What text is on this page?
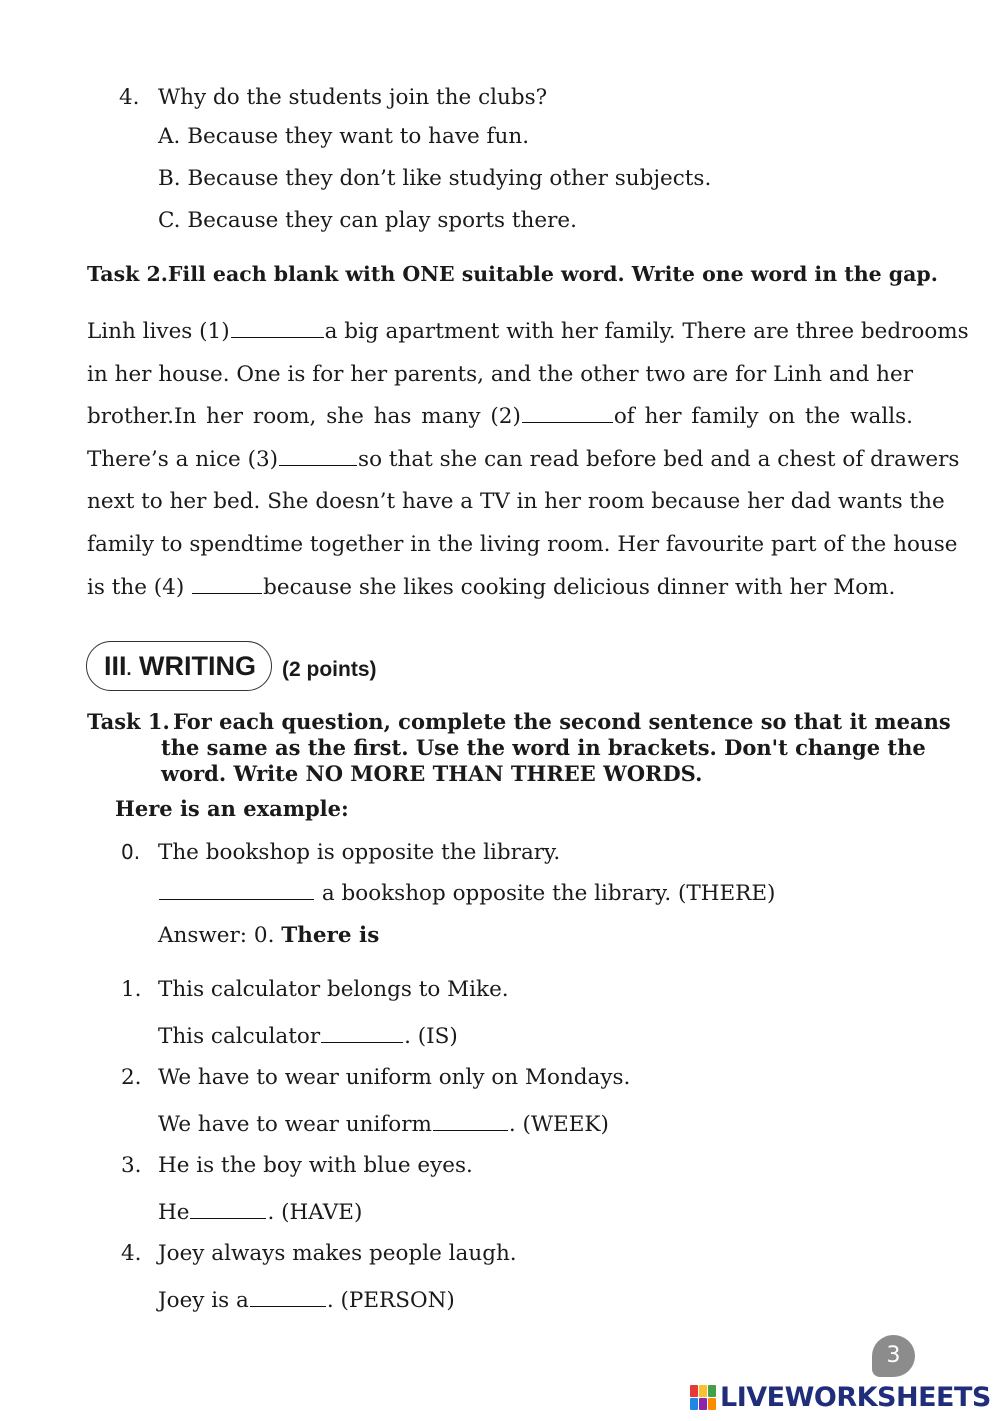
4. Why do the students join the clubs?
A. Because they want to have fun.
B. Because they don’t like studying other subjects.
C. Because they can play sports there.
Task 2.Fill each blank with ONE suitable word. Write one word in the gap.
Linh lives (1)	a big apartment with her family. There are three bedrooms
in her house. One is for her parents, and the other two are for Linh and her
brother.In her room, she has many (2)	of her family on the walls.
There’s a nice (3)	so that she can read before bed and a chest of drawers
next to her bed. She doesn’t have a TV in her room because her dad wants the
family to spendtime together in the living room. Her favourite part of the house
is the (4)	because she likes cooking delicious dinner with her Mom.
III. WRITING	(2 points)
Task 1. For each question, complete the second sentence so that it means
the same as the first. Use the word in brackets. Don't change the
word. Write NO MORE THAN THREE WORDS.
Here is an example:
0. The bookshop is opposite the library.
a bookshop opposite the library. (THERE)
Answer: 0. There is
1. This calculator belongs to Mike.
This calculator	. (IS)
2. We have to wear uniform only on Mondays.
We have to wear uniform	. (WEEK)
3. He is the boy with blue eyes.
He	. (HAVE)
4. Joey always makes people laugh.
Joey is a	. (PERSON)
3
LIVEWORKSHEETS
